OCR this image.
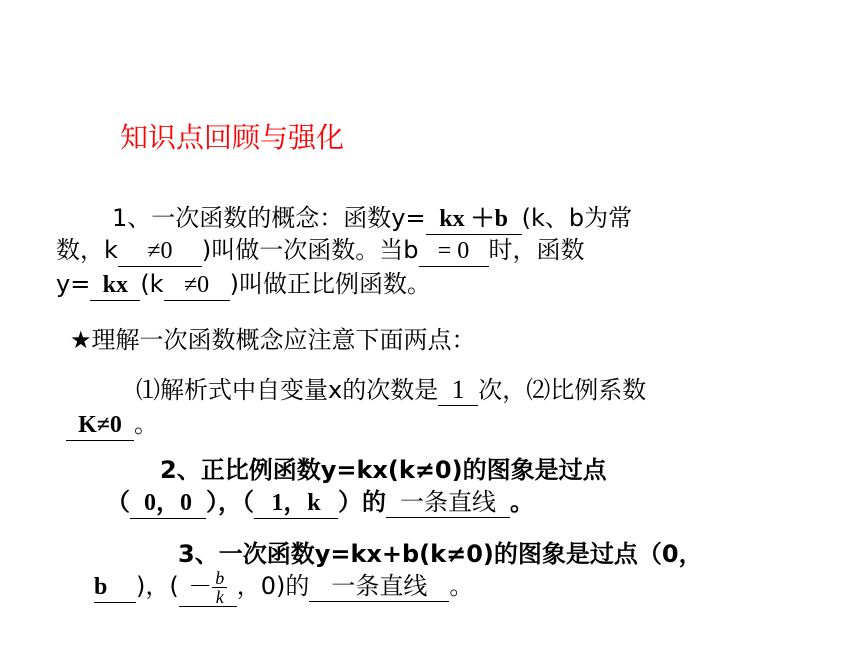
知识点回顾与强化
1、一次函数的概念：函数y= kx ＋b (k、b为常
数，k ≠0 )叫做一次函数。当b = 0 时，函数
y= kx (k ≠0 )叫做正比例函数。
★理解一次函数概念应注意下面两点：
⑴解析式中自变量x的次数是 1 次，⑵比例系数
K≠0 。
2、正比例函数y=kx(k≠0)的图象是过点
（ 0，0 ），（ 1，k ）的 一条直线 。
3、一次函数y=kx+b(k≠0)的图象是过点（0，
b )，( － $\frac{b}{k}$ ，0)的 一条直线 。
